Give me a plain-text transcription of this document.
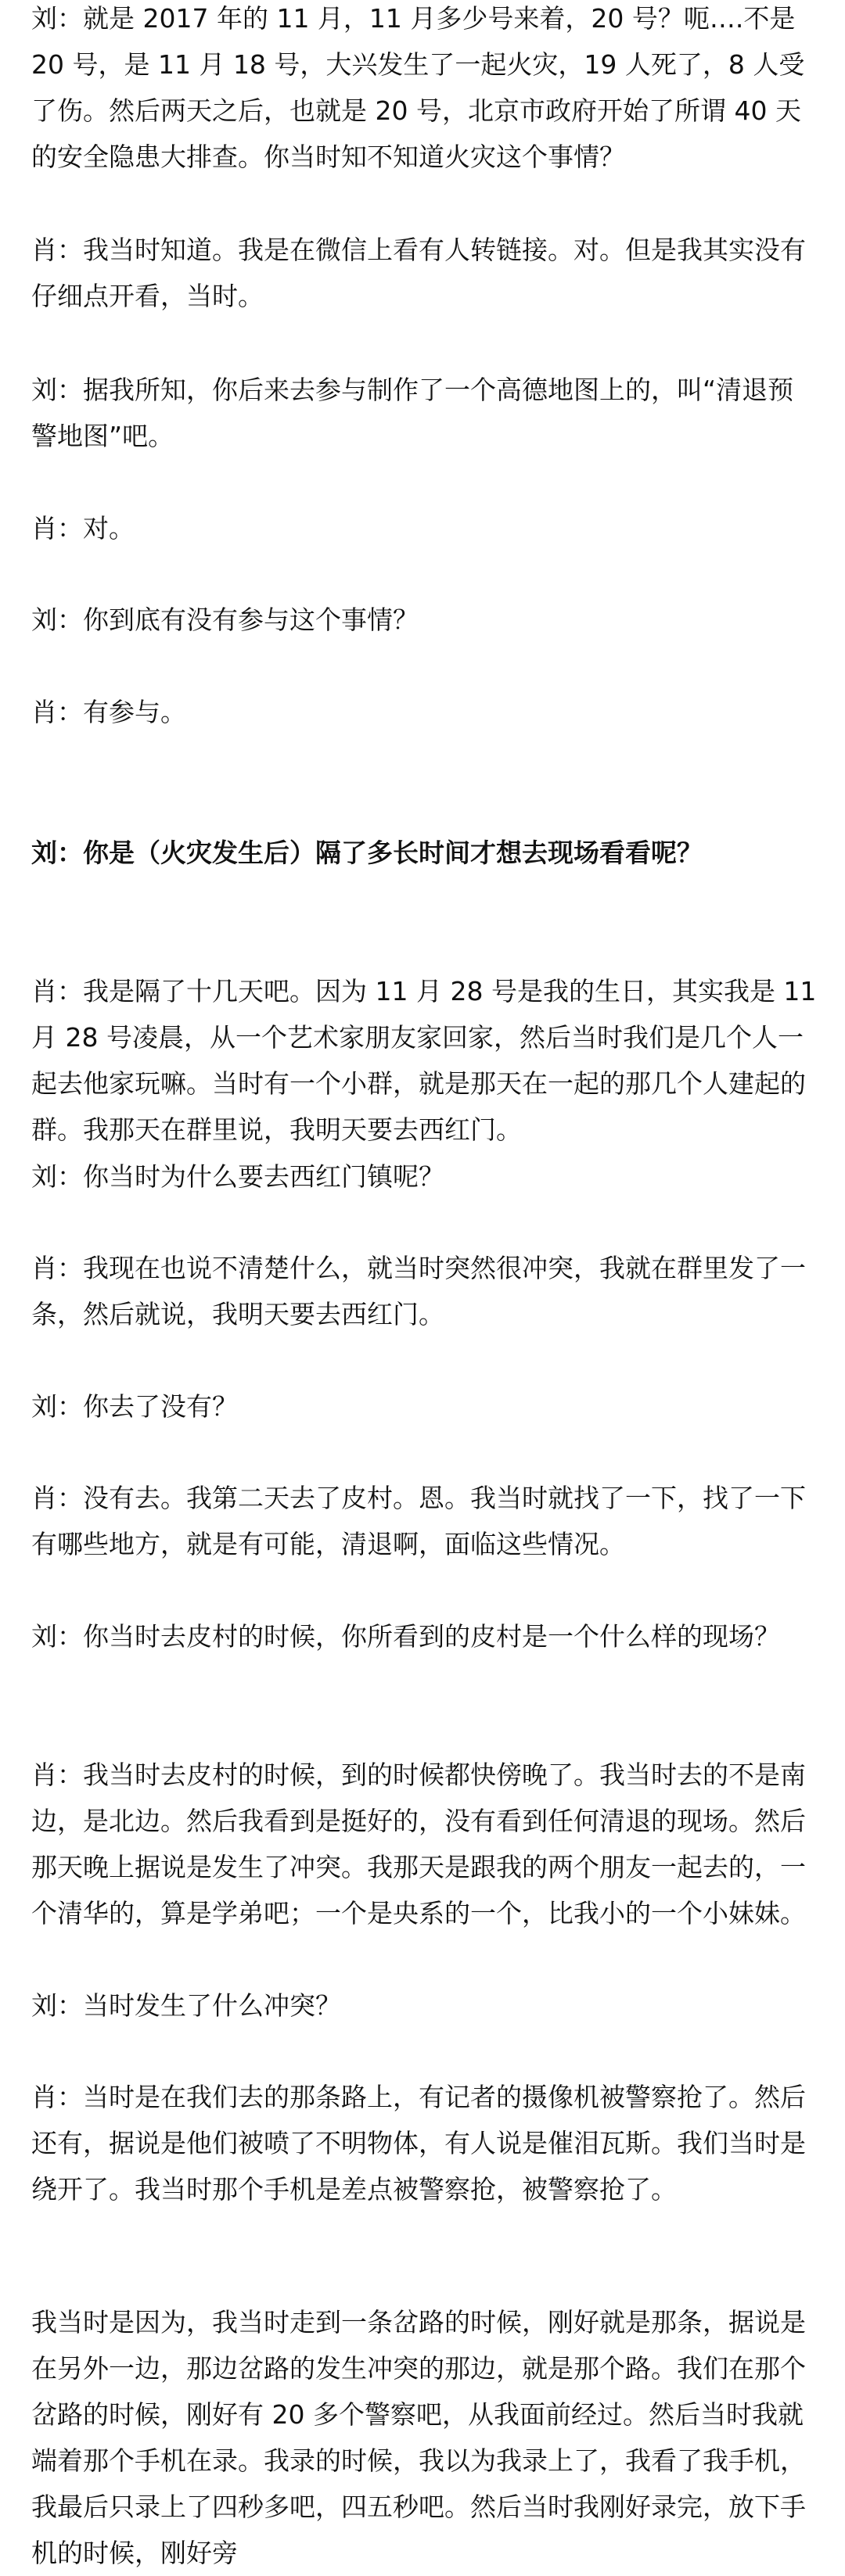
刘：就是 2017 年的 11 月，11 月多少号来着，20 号？呃….不是 20 号，是 11 月 18 号，大兴发生了一起火灾，19 人死了，8 人受了伤。然后两天之后，也就是 20 号，北京市政府开始了所谓 40 天的安全隐患大排查。你当时知不知道火灾这个事情？

肖：我当时知道。我是在微信上看有人转链接。对。但是我其实没有仔细点开看，当时。

刘：据我所知，你后来去参与制作了一个高德地图上的，叫“清退预警地图”吧。

肖：对。

刘：你到底有没有参与这个事情？

肖：有参与。

刘：你是（火灾发生后）隔了多长时间才想去现场看看呢？

肖：我是隔了十几天吧。因为 11 月 28 号是我的生日，其实我是 11 月 28 号凌晨，从一个艺术家朋友家回家，然后当时我们是几个人一起去他家玩嘛。当时有一个小群，就是那天在一起的那几个人建起的群。我那天在群里说，我明天要去西红门。

刘：你当时为什么要去西红门镇呢？

肖：我现在也说不清楚什么，就当时突然很冲突，我就在群里发了一条，然后就说，我明天要去西红门。

刘：你去了没有？

肖：没有去。我第二天去了皮村。恩。我当时就找了一下，找了一下有哪些地方，就是有可能，清退啊，面临这些情况。

刘：你当时去皮村的时候，你所看到的皮村是一个什么样的现场？

肖：我当时去皮村的时候，到的时候都快傍晚了。我当时去的不是南边，是北边。然后我看到是挺好的，没有看到任何清退的现场。然后那天晚上据说是发生了冲突。我那天是跟我的两个朋友一起去的，一个清华的，算是学弟吧；一个是央系的一个，比我小的一个小妹妹。

刘：当时发生了什么冲突？

肖：当时是在我们去的那条路上，有记者的摄像机被警察抢了。然后还有，据说是他们被喷了不明物体，有人说是催泪瓦斯。我们当时是绕开了。我当时那个手机是差点被警察抢，被警察抢了。

我当时是因为，我当时走到一条岔路的时候，刚好就是那条，据说是在另外一边，那边岔路的发生冲突的那边，就是那个路。我们在那个岔路的时候，刚好有 20 多个警察吧，从我面前经过。然后当时我就端着那个手机在录。我录的时候，我以为我录上了，我看了我手机，我最后只录上了四秒多吧，四五秒吧。然后当时我刚好录完，放下手机的时候，刚好旁
